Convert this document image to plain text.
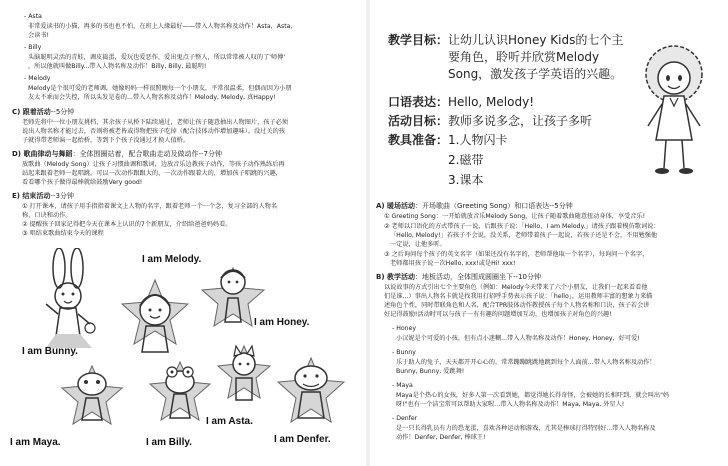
- Asta
非常爱读书的小猫，再多的书也也不怕，在班上人缘最好——带入人物名称及动作！Asta，Asta，
会读书!
- Billy
头脑聪明灵活的青蛙，调皮捣蛋，爱玩也爱恶作，爱出鬼点子整人，所以常常被人叹的了'师傅'
，所以他就叫做Billy...带入人物名称及动作！Billy, Billy, 最聪明!
- Melody
Melody是个很可爱的老师调，她像妈妈一样很照顾每一个小朋友，平常很温柔，但偶而因为小朋
友太不乖而会失控，所以头发是卷的...带入人物名称及动作！Melody, Melody, 真Happy!
C) 跟着活动--5分钟
老师先将中一位小朋友挑档，其余孩子从桥下陆续通过，老师让孩子随意抽出人物图片，孩子必须
说出人物名称才能过去，否则将被老皆或得物把孩子吃掉（配合技体动作增加趣味）。没过关的孩
子就得带老师演一起抬桥，等到下个孩子没通过才换人值桥。
D) 歌曲律动与舞蹈：全体围圈站着，配合歌曲走动及做动作--7分钟
放歌曲（Melody Song）让孩子习惯曲调和歌词，边放音乐边教孩子动作，等孩子动作熟练后再
站起来跟着老师一起唱跳。可以一次动作跟跟大的，一次动作跟着大的，增加孩子唱跳的兴趣，
看看哪个孩子做得最棒就给鼓励Very good!
E) 结束活动--3分钟
① 打开课本，请孩子用手指指着课文上人物的名字，跟着老师一个一个念，复习全部的人物名
称、口诀和动作。
② 提醒孩子回家记得把今天在课本上认识的7个新朋友，介绍给爸爸妈妈看。
③ 唱结束歌曲结束今天的课程
I am Bunny.
I am Melody.
I am Honey.
I am Maya.	I am Billy.
I am Asta.
I am Denfer.
教学目标：让幼儿认识Honey Kids的七个主
要角色，聆听并欣赏Melody
Song，激发孩子学英语的兴趣。
口语表达：Hello, Melody!
活动目标：教师多说多念，让孩子多听
教具准备：1.人物闪卡
2.磁带
3.课本
A) 暖场活动：开场歌曲（Greeting Song）和口语表达--5分钟
① Greeting Song：一开始就放音乐Melody Song，让孩子随着歌曲随意扭动身体，享受音乐!
② 老师以口语化的方式带孩子一说，后跟孩子说：「Hello，I am Melody.」请孩子跟着模仿歌词说：
「Hello, Melody!」若孩子不会说，没关系，老师带着孩子一起说，若孩子还是不会，不用勉强他
一定说，让他多听。
③ 之后询问每个孩子的英文名字（如果还没有名字的，老师帮他取一个名字），每询问一个名字，
老师都用孩子说一次Hello, xxx!或是Hi! xxx!
B) 教学活动：地板活动，全体围成圆圈坐下--10分钟
以说故事的方式引出七个主要角色（例如：Melody今天带来了六个小朋友，让我们一起来看看他
们是谁...）事出人物名卡就是找我用打招呼手势表示孩子说：「hello」，运用教师丰富的想象力来描
述角色个性，同时带联角色和人名，配合TPR肢体动作教授孩子每个人物名称和口诀，孩子若会讲
好记得鼓励!活动时可以与孩子一有有趣的问题增加互动，也增加孩子对角色的兴趣!
- Honey
小汉妮是个可爱的小孩，但有点小迷糊...带入人物名称及动作！Honey, Honey，好可爱!
- Bunny
乐于助人的兔子，天天都开开心心的，常常蹦蹦跳跳地跳到每个人面前...带入人物名称及动作！
Bunny, Bunny, 爱跳舞!
- Maya
Maya是个热心的女孩，好多人第一次看到她，都觉得她长得奇怪，会被她的长相吓到，就会叫出"妈
呀!"也有一个洁宝常可以帮助大家喔…带入人物名称及动作！Maya, Maya, 外星人!
- Denfer
是一只长得乳员有力的恐龙蛋，喜欢各种运动和游戏，尤其是棒球打得特别好...带入人物名称及
动作！Denfer, Denfer, 棒球王!
